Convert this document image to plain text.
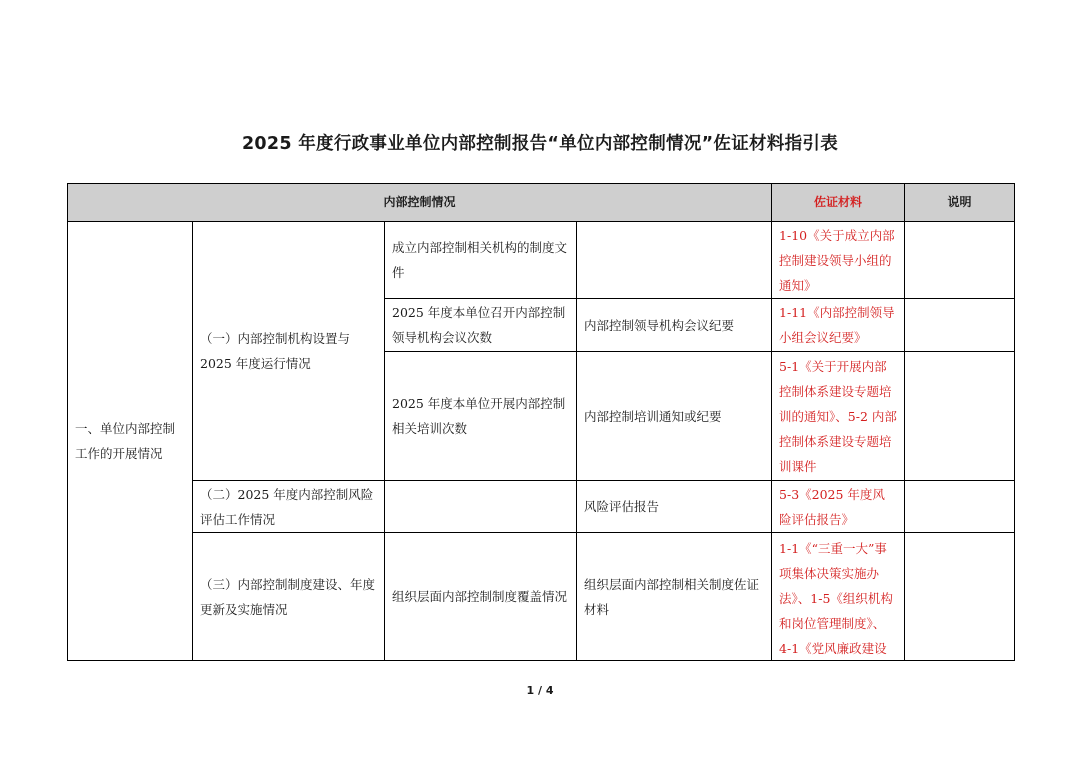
2025 年度行政事业单位内部控制报告“单位内部控制情况”佐证材料指引表
内部控制情况				佐证材料	说明
一、单位内部控制工作的开展情况	（一）内部控制机构设置与 2025 年度运行情况	成立内部控制相关机构的制度文件		1-10《关于成立内部控制建设领导小组的通知》	
		2025 年度本单位召开内部控制领导机构会议次数	内部控制领导机构会议纪要	1-11《内部控制领导小组会议纪要》	
		2025 年度本单位开展内部控制相关培训次数	内部控制培训通知或纪要	5-1《关于开展内部控制体系建设专题培训的通知》、5-2 内部控制体系建设专题培训课件	
	（二）2025 年度内部控制风险评估工作情况		风险评估报告	5-3《2025 年度风险评估报告》	
	（三）内部控制制度建设、年度更新及实施情况	组织层面内部控制制度覆盖情况	组织层面内部控制相关制度佐证材料	1-1《“三重一大”事项集体决策实施办法》、1-5《组织机构和岗位管理制度》、4-1《党风廉政建设	

1 / 4
